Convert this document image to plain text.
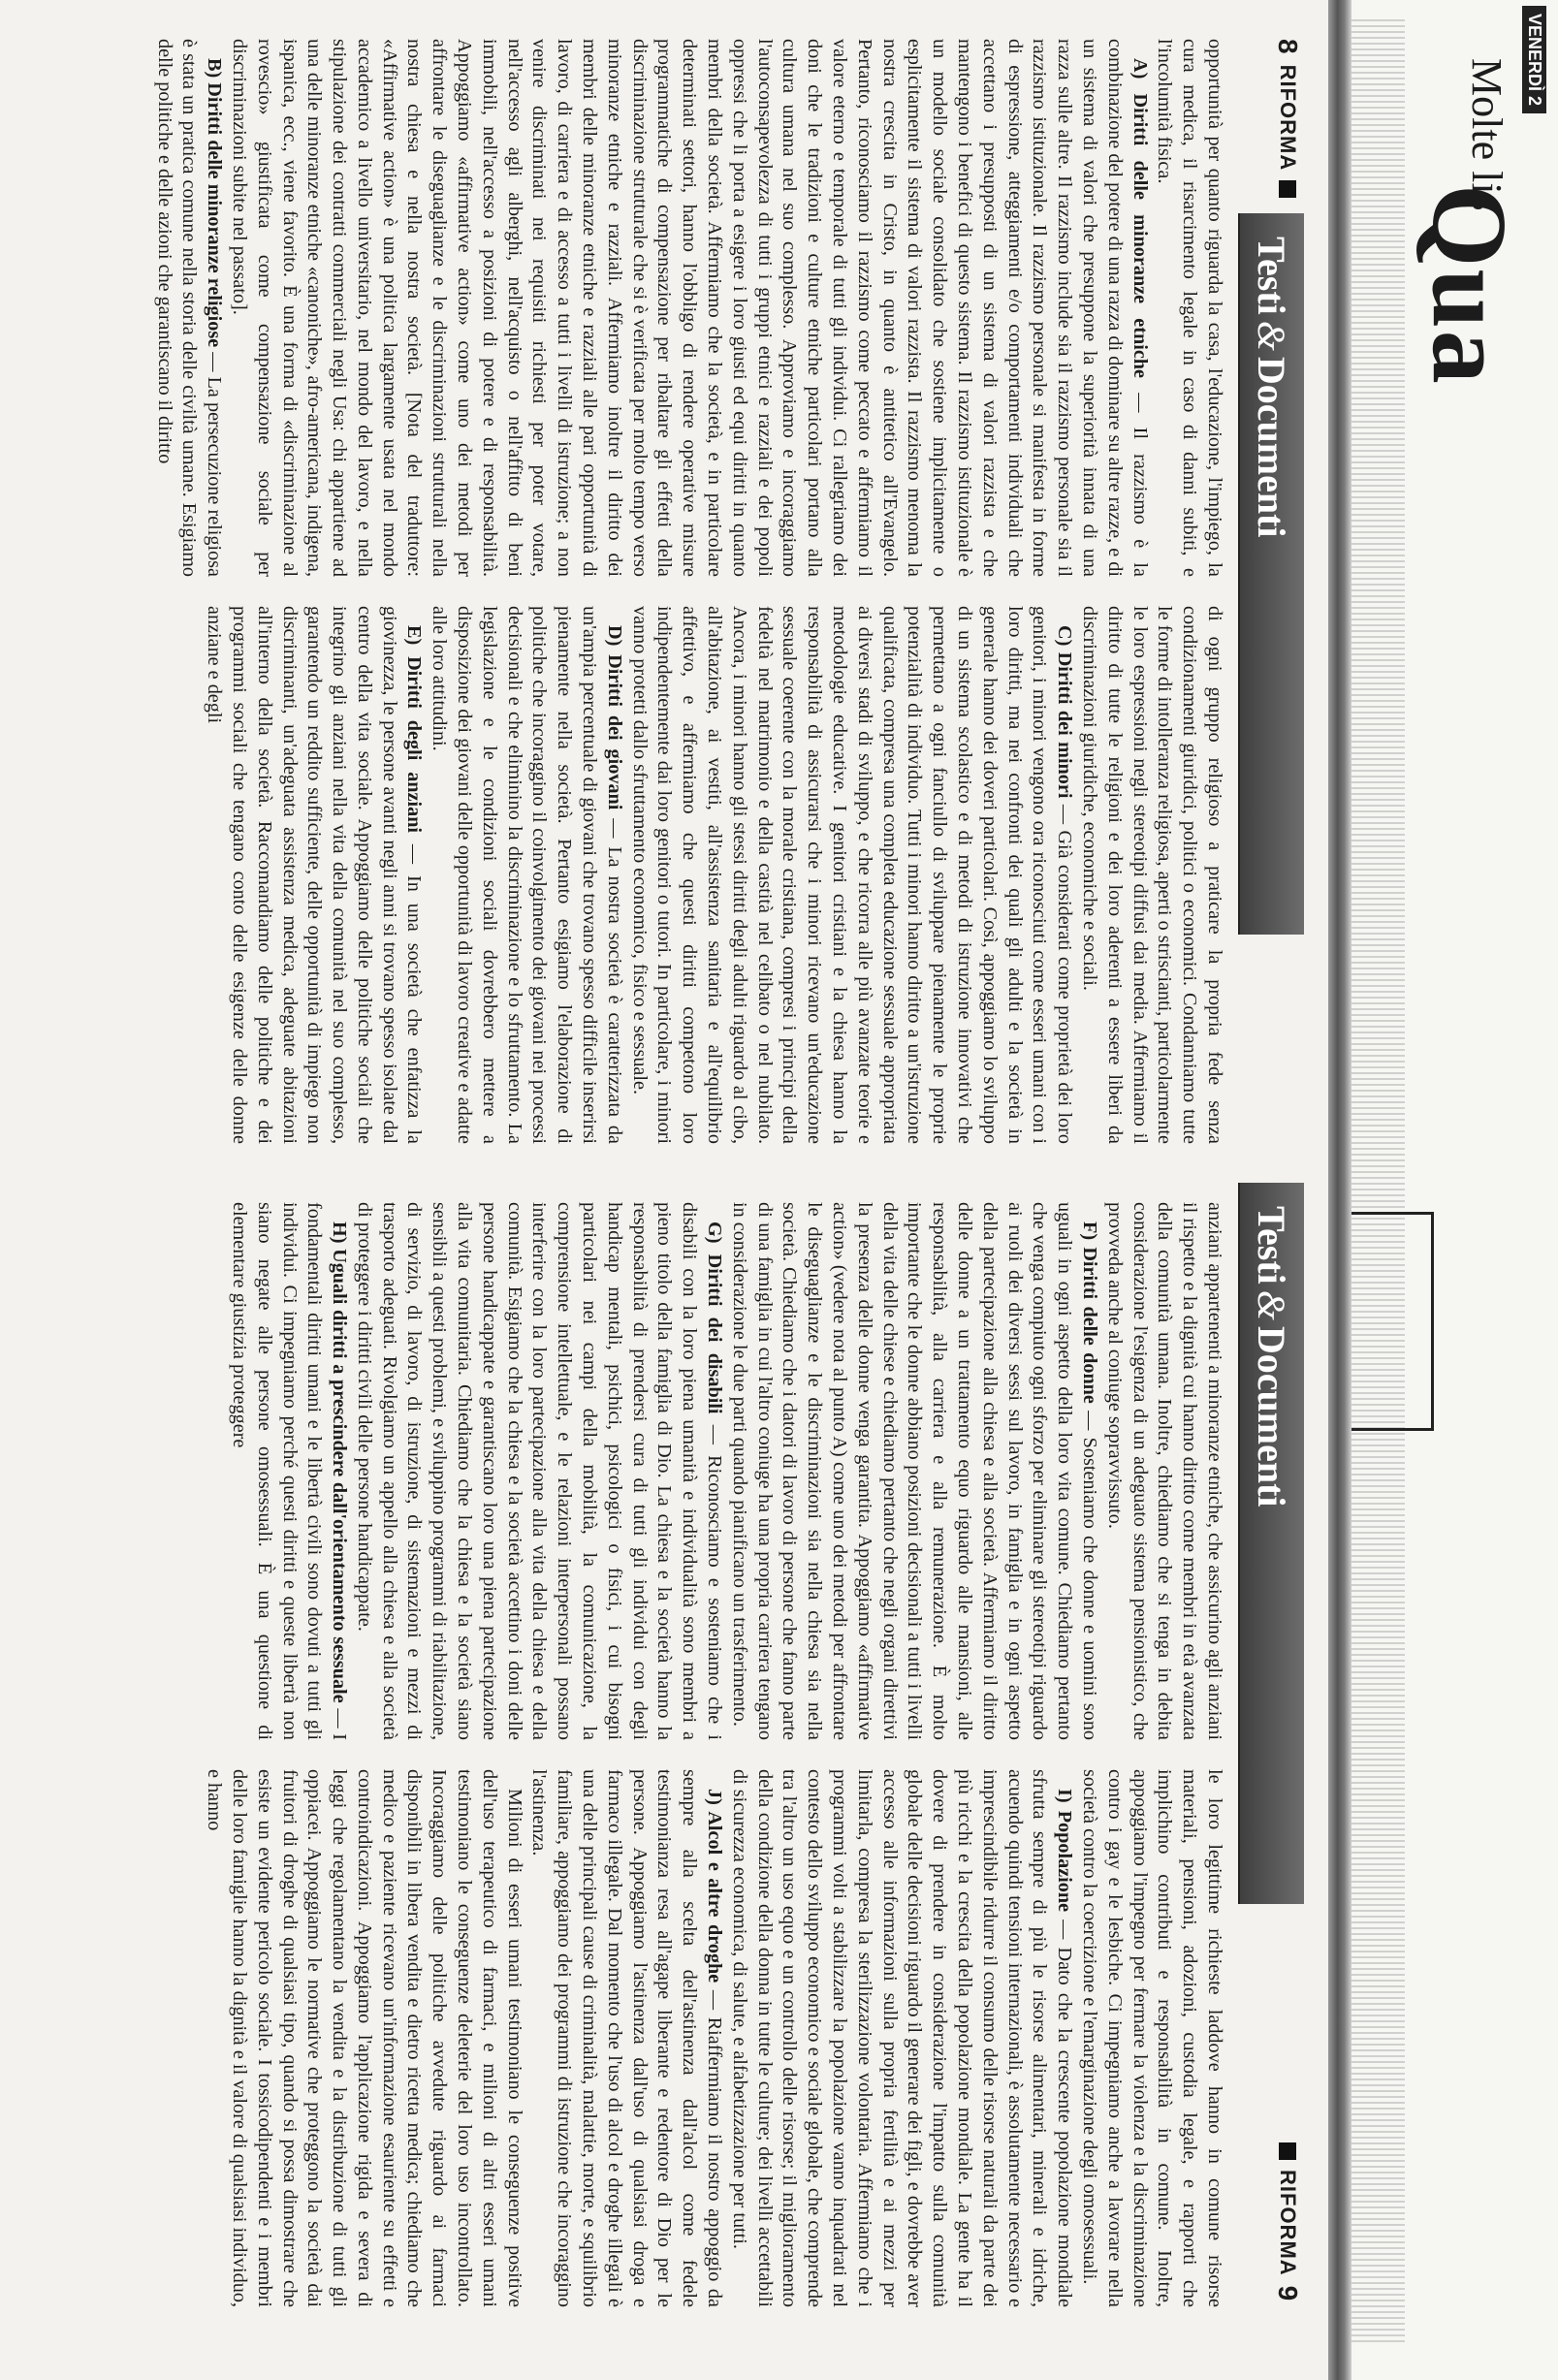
VENERDÌ 2
Molte lis
Qua
8
RIFORMA
Testi
&
Documenti
Testi
&
Documenti
RIFORMA
9

opportunità per quanto riguarda la casa, l'educazione, l'impiego, la cura medica, il risarcimento legale in caso di danni subiti, e l'incolumità fisica.

A) Diritti delle minoranze etniche — Il razzismo è la combinazione del potere di una razza di dominare su altre razze, e di un sistema di valori che presuppone la superiorità innata di una razza sulle altre. Il razzismo include sia il razzismo personale sia il razzismo istituzionale. Il razzismo personale si manifesta in forme di espressione, atteggiamenti e/o comportamenti individuali che accettano i presupposti di un sistema di valori razzista e che mantengono i benefici di questo sistema. Il razzismo istituzionale è un modello sociale consolidato che sostiene implicitamente o esplicitamente il sistema di valori razzista. Il razzismo menoma la nostra crescita in Cristo, in quanto è antitetico all'Evangelo. Pertanto, riconosciamo il razzismo come peccato e affermiamo il valore eterno e temporale di tutti gli individui. Ci rallegriamo dei doni che le tradizioni e culture etniche particolari portano alla cultura umana nel suo complesso. Approviamo e incoraggiamo l'autoconsapevolezza di tutti i gruppi etnici e razziali e dei popoli oppressi che li porta a esigere i loro giusti ed equi diritti in quanto membri della società. Affermiamo che la società, e in particolare determinati settori, hanno l'obbligo di rendere operative misure programmatiche di compensazione per ribaltare gli effetti della discriminazione strutturale che si è verificata per molto tempo verso minoranze etniche e razziali. Affermiamo inoltre il diritto dei membri delle minoranze etniche e razziali alle pari opportunità di lavoro, di carriera e di accesso a tutti i livelli di istruzione; a non venire discriminati nei requisiti richiesti per poter votare, nell'accesso agli alberghi, nell'acquisto o nell'affitto di beni immobili, nell'accesso a posizioni di potere e di responsabilità. Appoggiamo «affirmative action» come uno dei metodi per affrontare le diseguaglianze e le discriminazioni strutturali nella nostra chiesa e nella nostra società. [Nota del traduttore: «Affirmative action» è una politica largamente usata nel mondo accademico a livello universitario, nel mondo del lavoro, e nella stipulazione dei contratti commerciali negli Usa: chi appartiene ad una delle minoranze etniche «canoniche», afro-americana, indigena, ispanica, ecc., viene favorito. È una forma di «discriminazione al rovescio» giustificata come compensazione sociale per discriminazioni subite nel passato].

B) Diritti delle minoranze religiose — La persecuzione religiosa è stata un pratica comune nella storia delle civiltà umane. Esigiamo delle politiche e delle azioni che garantiscano il diritto

di ogni gruppo religioso a praticare la propria fede senza condizionamenti giuridici, politici o economici. Condanniamo tutte le forme di intolleranza religiosa, aperti o striscianti, particolarmente le loro espressioni negli stereotipi diffusi dai media. Affermiamo il diritto di tutte le religioni e dei loro aderenti a essere liberi da discriminazioni giuridiche, economiche e sociali.

C) Diritti dei minori — Già considerati come proprietà dei loro genitori, i minori vengono ora riconosciuti come esseri umani con i loro diritti, ma nei confronti dei quali gli adulti e la società in generale hanno dei doveri particolari. Così, appoggiamo lo sviluppo di un sistema scolastico e di metodi di istruzione innovativi che permettano a ogni fanciullo di sviluppare pienamente le proprie potenzialità di individuo. Tutti i minori hanno diritto a un'istruzione qualificata, compresa una completa educazione sessuale appropriata ai diversi stadi di sviluppo, e che ricorra alle più avanzate teorie e metodologie educative. I genitori cristiani e la chiesa hanno la responsabilità di assicurarsi che i minori ricevano un'educazione sessuale coerente con la morale cristiana, compresi i principi della fedeltà nel matrimonio e della castità nel celibato o nel nubilato. Ancora, i minori hanno gli stessi diritti degli adulti riguardo al cibo, all'abitazione, ai vestiti, all'assistenza sanitaria e all'equilibrio affettivo, e affermiamo che questi diritti competono loro indipendentemente dai loro genitori o tutori. In particolare, i minori vanno protetti dallo sfruttamento economico, fisico e sessuale.

D) Diritti dei giovani — La nostra società è caratterizzata da un'ampia percentuale di giovani che trovano spesso difficile inserirsi pienamente nella società. Pertanto esigiamo l'elaborazione di politiche che incoraggino il coinvolgimento dei giovani nei processi decisionali e che eliminino la discriminazione e lo sfruttamento. La legislazione e le condizioni sociali dovrebbero mettere a disposizione dei giovani delle opportunità di lavoro creative e adatte alle loro attitudini.

E) Diritti degli anziani — In una società che enfatizza la giovinezza, le persone avanti negli anni si trovano spesso isolate dal centro della vita sociale. Appoggiamo delle politiche sociali che integrino gli anziani nella vita della comunità nel suo complesso, garantendo un reddito sufficiente, delle opportunità di impiego non discriminanti, un'adeguata assistenza medica, adeguate abitazioni all'interno della società. Raccomandiamo delle politiche e dei programmi sociali che tengano conto delle esigenze delle donne anziane e degli

anziani appartenenti a minoranze etniche, che assicurino agli anziani il rispetto e la dignità cui hanno diritto come membri in età avanzata della comunità umana. Inoltre, chiediamo che si tenga in debita considerazione l'esigenza di un adeguato sistema pensionistico, che provveda anche al coniuge sopravvissuto.

F) Diritti delle donne — Sosteniamo che donne e uomini sono uguali in ogni aspetto della loro vita comune. Chiediamo pertanto che venga compiuto ogni sforzo per eliminare gli stereotipi riguardo ai ruoli dei diversi sessi sul lavoro, in famiglia e in ogni aspetto della partecipazione alla chiesa e alla società. Affermiamo il diritto delle donne a un trattamento equo riguardo alle mansioni, alle responsabilità, alla carriera e alla remunerazione. È molto importante che le donne abbiano posizioni decisionali a tutti i livelli della vita delle chiese e chiediamo pertanto che negli organi direttivi la presenza delle donne venga garantita. Appoggiamo «affirmative action» (vedere nota al punto A) come uno dei metodi per affrontare le diseguaglianze e le discriminazioni sia nella chiesa sia nella società. Chiediamo che i datori di lavoro di persone che fanno parte di una famiglia in cui l'altro coniuge ha una propria carriera tengano in considerazione le due parti quando pianificano un trasferimento.

G) Diritti dei disabili — Riconosciamo e sosteniamo che i disabili con la loro piena umanità e individualità sono membri a pieno titolo della famiglia di Dio. La chiesa e la società hanno la responsabilità di prendersi cura di tutti gli individui con degli handicap mentali, psichici, psicologici o fisici, i cui bisogni particolari nei campi della mobilità, la comunicazione, la comprensione intellettuale, e le relazioni interpersonali possano interferire con la loro partecipazione alla vita della chiesa e della comunità. Esigiamo che la chiesa e la società accettino i doni delle persone handicappate e garantiscano loro una piena partecipazione alla vita comunitaria. Chiediamo che la chiesa e la società siano sensibili a questi problemi, e sviluppino programmi di riabilitazione, di servizio, di lavoro, di istruzione, di sistemazioni e mezzi di trasporto adeguati. Rivolgiamo un appello alla chiesa e alla società di proteggere i diritti civili delle persone handicappate.

H) Uguali diritti a prescindere dall'orientamento sessuale — I fondamentali diritti umani e le libertà civili sono dovuti a tutti gli individui. Ci impegniamo perché questi diritti e queste libertà non siano negate alle persone omosessuali. È una questione di elementare giustizia proteggere

le loro legittime richieste laddove hanno in comune risorse materiali, pensioni, adozioni, custodia legale, e rapporti che implichino contributi e responsabilità in comune. Inoltre, appoggiamo l'impegno per fermare la violenza e la discriminazione contro i gay e le lesbiche. Ci impegniamo anche a lavorare nella società contro la coercizione e l'emarginazione degli omosessuali.

I) Popolazione — Dato che la crescente popolazione mondiale sfrutta sempre di più le risorse alimentari, minerali e idriche, acuendo quindi tensioni internazionali, è assolutamente necessario e imprescindibile ridurre il consumo delle risorse naturali da parte dei più ricchi e la crescita della popolazione mondiale. La gente ha il dovere di prendere in considerazione l'impatto sulla comunità globale delle decisioni riguardo il generare dei figli, e dovrebbe aver accesso alle informazioni sulla propria fertilità e ai mezzi per limitarla, compresa la sterilizzazione volontaria. Affermiamo che i programmi volti a stabilizzare la popolazione vanno inquadrati nel contesto dello sviluppo economico e sociale globale, che comprende tra l'altro un uso equo e un controllo delle risorse; il miglioramento della condizione della donna in tutte le culture; dei livelli accettabili di sicurezza economica, di salute, e alfabetizzazione per tutti.

J) Alcol e altre droghe — Riaffermiamo il nostro appoggio da sempre alla scelta dell'astinenza dall'alcol come fedele testimonianza resa all'agape liberante e redentore di Dio per le persone. Appoggiamo l'astinenza dall'uso di qualsiasi droga e farmaco illegale. Dal momento che l'uso di alcol e droghe illegali è una delle principali cause di criminalità, malattie, morte, e squilibrio familiare, appoggiamo dei programmi di istruzione che incoraggino l'astinenza.

Milioni di esseri umani testimoniano le conseguenze positive dell'uso terapeutico di farmaci, e milioni di altri esseri umani testimoniano le conseguenze deleterie del loro uso incontrollato. Incoraggiamo delle politiche avvedute riguardo ai farmaci disponibili in libera vendita e dietro ricetta medica; chiediamo che medico e paziente ricevano un'informazione esauriente su effetti e controindicazioni. Appoggiamo l'applicazione rigida e severa di leggi che regolamentano la vendita e la distribuzione di tutti gli oppiacei. Appoggiamo le normative che proteggono la società dai fruitori di droghe di qualsiasi tipo, quando si possa dimostrare che esiste un evidente pericolo sociale. I tossicodipendenti e i membri delle loro famiglie hanno la dignità e il valore di qualsiasi individuo, e hanno
